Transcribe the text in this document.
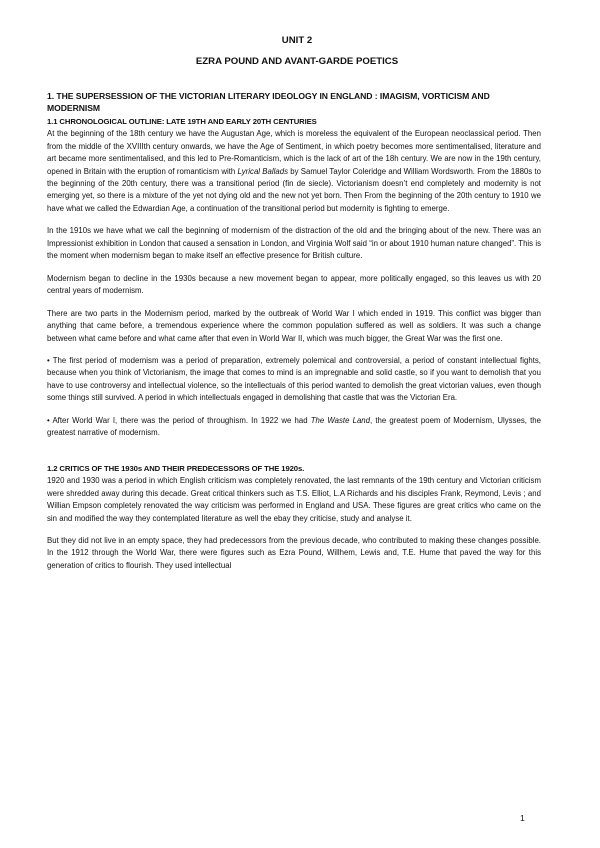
UNIT 2
EZRA POUND AND AVANT-GARDE POETICS
1. THE SUPERSESSION OF THE VICTORIAN LITERARY IDEOLOGY IN ENGLAND : IMAGISM, VORTICISM AND MODERNISM
1.1 CHRONOLOGICAL OUTLINE: LATE 19TH AND EARLY 20TH CENTURIES

At the beginning of the 18th century we have the Augustan Age, which is moreless the equivalent of the European neoclassical period. Then from the middle of the XVIIIth century onwards, we have the Age of Sentiment, in which poetry becomes more sentimentalised, literature and art became more sentimentalised, and this led to Pre-Romanticism, which is the lack of art of the 18h century. We are now in the 19th century, opened in Britain with the eruption of romanticism with Lyrical Ballads by Samuel Taylor Coleridge and William Wordsworth. From the 1880s to the beginning of the 20th century, there was a transitional period (fin de siecle). Victorianism doesn’t end completely and modernity is not emerging yet, so there is a mixture of the yet not dying old and the new not yet born. Then From the beginning of the 20th century to 1910 we have what we called the Edwardian Age, a continuation of the transitional period but modernity is fighting to emerge.

In the 1910s we have what we call the beginning of modernism of the distraction of the old and the bringing about of the new. There was an Impressionist exhibition in London that caused a sensation in London, and Virginia Wolf said “in or about 1910 human nature changed”. This is the moment when modernism began to make itself an effective presence for British culture.

Modernism began to decline in the 1930s because a new movement began to appear, more politically engaged, so this leaves us with 20 central years of modernism.

There are two parts in the Modernism period, marked by the outbreak of World War I which ended in 1919. This conflict was bigger than anything that came before, a tremendous experience where the common population suffered as well as soldiers. It was such a change between what came before and what came after that even in World War II, which was much bigger, the Great War was the first one.

• The first period of modernism was a period of preparation, extremely polemical and controversial, a period of constant intellectual fights, because when you think of Victorianism, the image that comes to mind is an impregnable and solid castle, so if you want to demolish that you have to use controversy and intellectual violence, so the intellectuals of this period wanted to demolish the great victorian values, even though some things still survived. A period in which intellectuals engaged in demolishing that castle that was the Victorian Era.

• After World War I, there was the period of throughism. In 1922 we had The Waste Land, the greatest poem of Modernism, Ulysses, the greatest narrative of modernism.

1.2 CRITICS OF THE 1930s AND THEIR PREDECESSORS OF THE 1920s.

1920 and 1930 was a period in which English criticism was completely renovated, the last remnants of the 19th century and Victorian criticism were shredded away during this decade. Great critical thinkers such as T.S. Elliot, L.A Richards and his disciples Frank, Reymond, Levis ; and Willian Empson completely renovated the way criticism was performed in England and USA. These figures are great critics who came on the sin and modified the way they contemplated literature as well the ebay they criticise, study and analyse it.

But they did not live in an empty space, they had predecessors from the previous decade, who contributed to making these changes possible. In the 1912 through the World War, there were figures such as Ezra Pound, Willhem, Lewis and, T.E. Hume that paved the way for this generation of critics to flourish. They used intellectual

1
